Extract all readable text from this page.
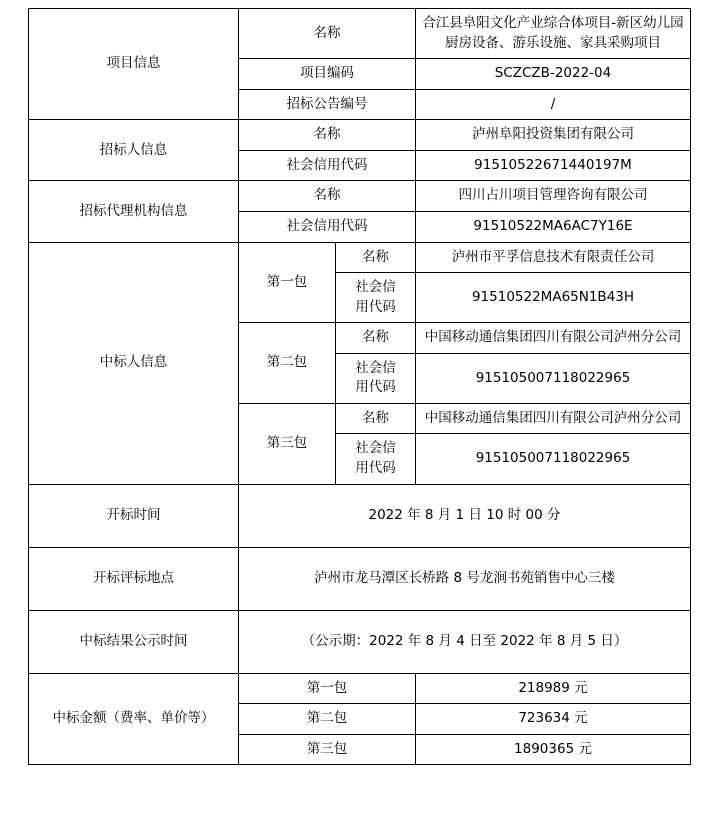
项目信息	名称		合江县阜阳文化产业综合体项目-新区幼儿园
厨房设备、游乐设施、家具采购项目

	项目编码		SCZCZB-2022-04
	招标公告编号		/
招标人信息	名称		泸州阜阳投资集团有限公司
	社会信用代码		91510522671440197M
招标代理机构信息	名称		四川占川项目管理咨询有限公司
	社会信用代码		91510522MA6AC7Y16E
中标人信息	第一包	名称	泸州市平孚信息技术有限责任公司

		社会信
用代码	91510522MA65N1B43H
	第二包	名称	中国移动通信集团四川有限公司泸州分公司

		社会信
用代码	915105007118022965
	第三包	名称	中国移动通信集团四川有限公司泸州分公司

		社会信
用代码	915105007118022965
开标时间	2022 年 8 月 1 日 10 时 00 分		
开标评标地点	泸州市龙马潭区长桥路 8 号龙涧书苑销售中心三楼		
中标结果公示时间	（公示期：2022 年 8 月 4 日至 2022 年 8 月 5 日）		
中标金额（费率、单价等）	第一包		218989 元
	第二包		723634 元
	第三包		1890365 元
